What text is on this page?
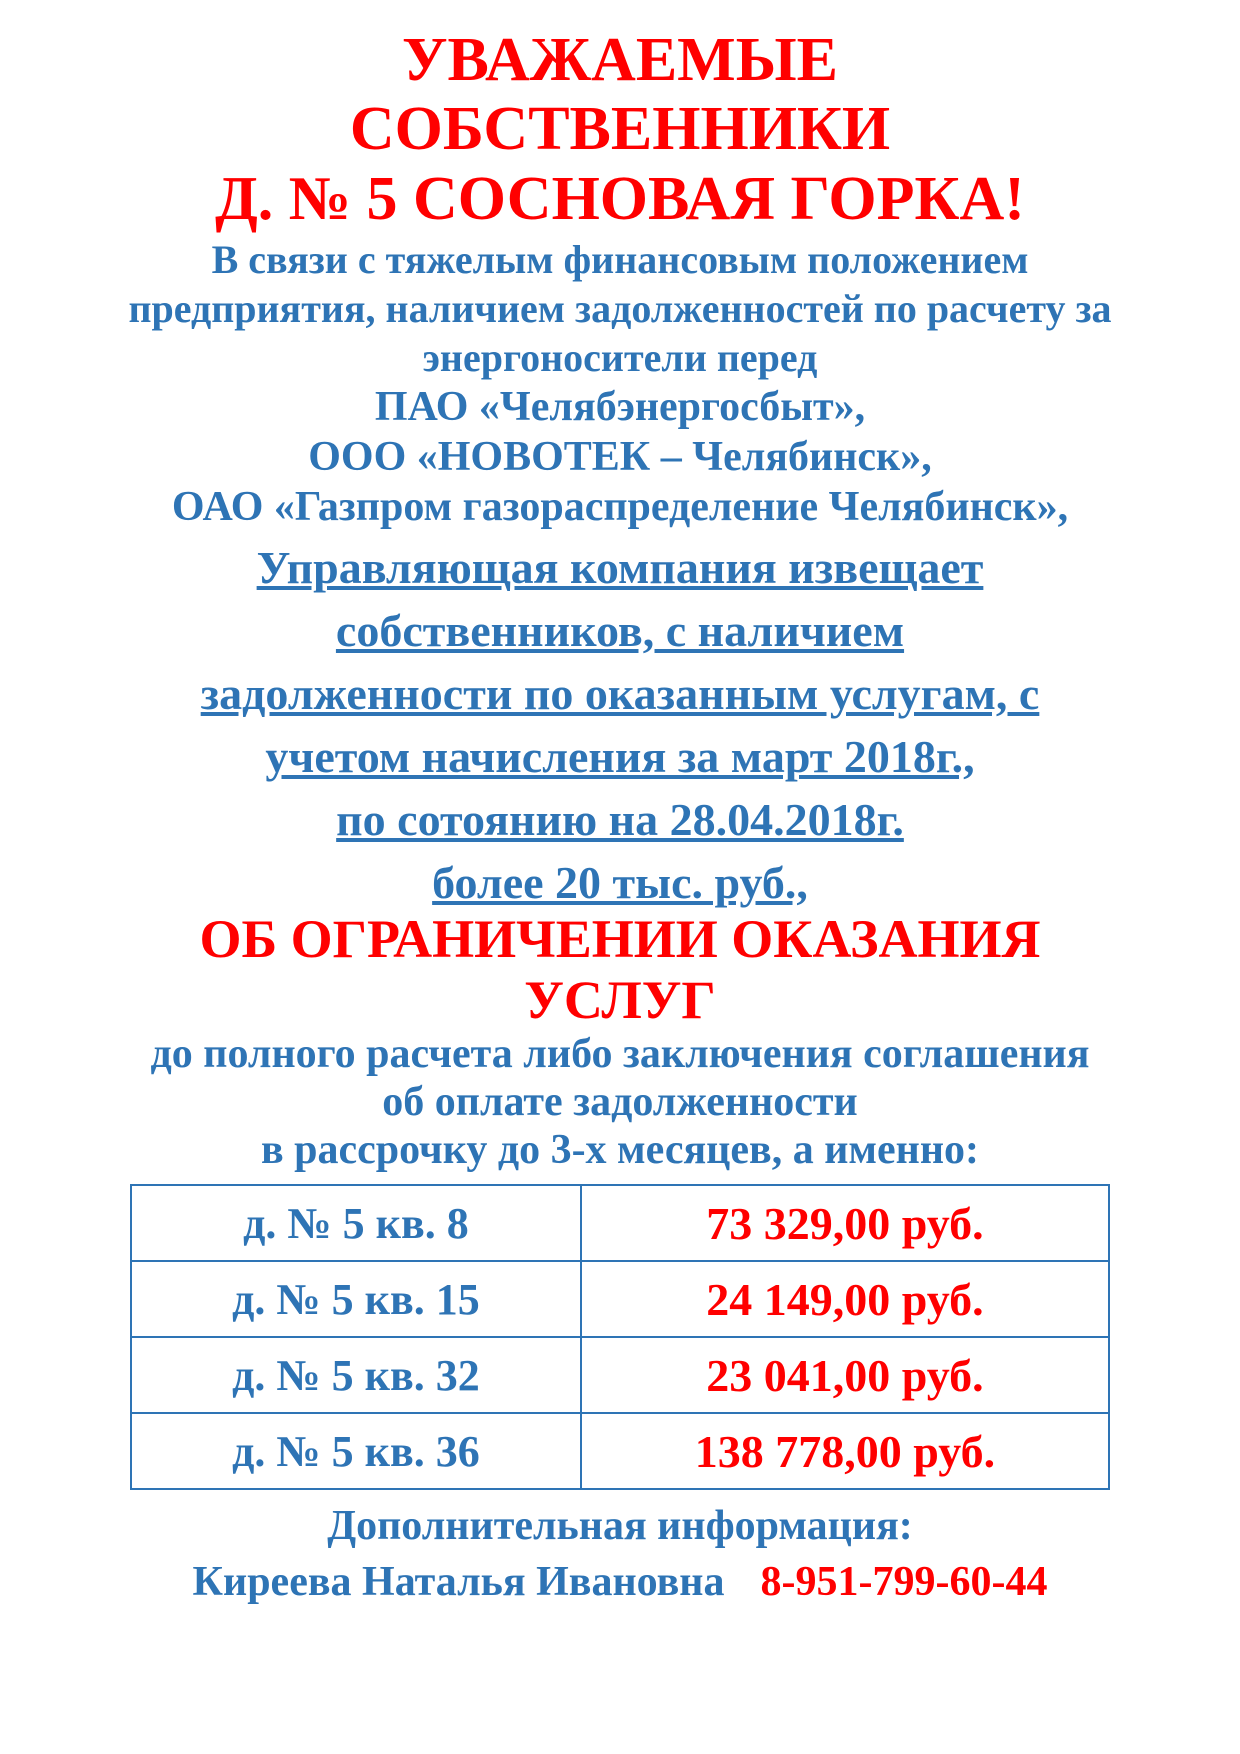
УВАЖАЕМЫЕ
СОБСТВЕННИКИ
Д. № 5 СОСНОВАЯ ГОРКА!
В связи с тяжелым финансовым положением
предприятия, наличием задолженностей по расчету за
энергоносители перед
ПАО «Челябэнергосбыт»,
ООО «НОВОТЕК – Челябинск»,
ОАО «Газпром газораспределение Челябинск»,
Управляющая компания извещает
собственников, с наличием
задолженности по оказанным услугам, с
учетом начисления за март 2018г.,
по сотоянию на 28.04.2018г.
более 20 тыс. руб.,
ОБ ОГРАНИЧЕНИИ ОКАЗАНИЯ
УСЛУГ
до полного расчета либо заключения соглашения
об оплате задолженности
в рассрочку до 3-х месяцев, а именно:
д. № 5 кв. 8	73 329,00 руб.
д. № 5 кв. 15	24 149,00 руб.
д. № 5 кв. 32	23 041,00 руб.
д. № 5 кв. 36	138 778,00 руб.
Дополнительная информация:
Киреева Наталья Ивановна 8-951-799-60-44
